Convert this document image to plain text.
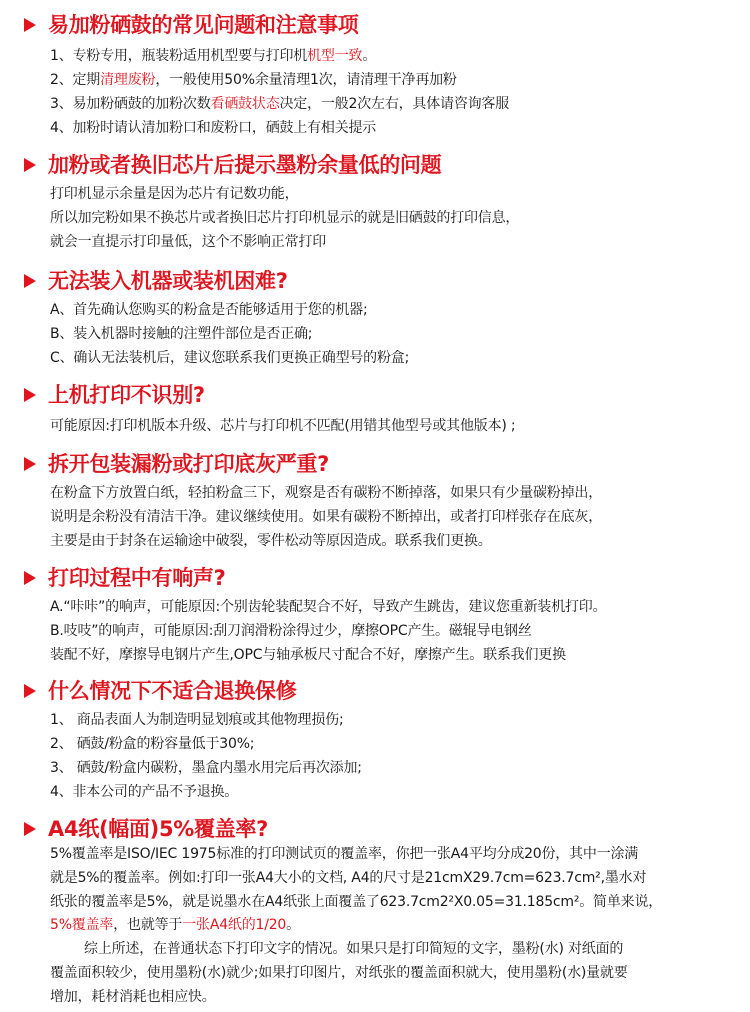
易加粉硒鼓的常见问题和注意事项
1、专粉专用，瓶装粉适用机型要与打印机机型一致。
2、定期清理废粉，一般使用50%余量清理1次，请清理干净再加粉
3、易加粉硒鼓的加粉次数看硒鼓状态决定，一般2次左右，具体请咨询客服
4、加粉时请认清加粉口和废粉口，硒鼓上有相关提示
加粉或者换旧芯片后提示墨粉余量低的问题
打印机显示余量是因为芯片有记数功能，
所以加完粉如果不换芯片或者换旧芯片打印机显示的就是旧硒鼓的打印信息，
就会一直提示打印量低，这个不影响正常打印
无法装入机器或装机困难?
A、首先确认您购买的粉盒是否能够适用于您的机器;
B、装入机器时接触的注塑件部位是否正确;
C、确认无法装机后，建议您联系我们更换正确型号的粉盒;
上机打印不识别?
可能原因:打印机版本升级、芯片与打印机不匹配(用错其他型号或其他版本) ;
拆开包装漏粉或打印底灰严重?
在粉盒下方放置白纸，轻拍粉盒三下，观察是否有碳粉不断掉落，如果只有少量碳粉掉出，
说明是余粉没有清洁干净。建议继续使用。如果有碳粉不断掉出，或者打印样张存在底灰，
主要是由于封条在运输途中破裂，零件松动等原因造成。联系我们更换。
打印过程中有响声?
A.“咔咔”的响声，可能原因:个别齿轮装配契合不好，导致产生跳齿，建议您重新装机打印。
B.吱吱”的响声，可能原因:刮刀润滑粉涂得过少，摩擦OPC产生。磁辊导电钢丝
装配不好，摩擦导电钢片产生,OPC与轴承板尺寸配合不好，摩擦产生。联系我们更换
什么情况下不适合退换保修
1、 商品表面人为制造明显划痕或其他物理损伤;
2、 硒鼓/粉盒的粉容量低于30%;
3、 硒鼓/粉盒内碳粉，墨盒内墨水用完后再次添加;
4、非本公司的产品不予退换。
A4纸(幅面)5%覆盖率?
5%覆盖率是ISO/IEC 1975标准的打印测试页的覆盖率，你把一张A4平均分成20份，其中一涂满
就是5%的覆盖率。例如:打印一张A4大小的文档, A4的尺寸是21cmX29.7cm=623.7cm²,墨水对
纸张的覆盖率是5%，就是说墨水在A4纸张上面覆盖了623.7cm2²X0.05=31.185cm²。简单来说，
5%覆盖率，也就等于一张A4纸的1/20。
综上所述，在普通状态下打印文字的情况。如果只是打印简短的文字，墨粉(水) 对纸面的
覆盖面积较少，使用墨粉(水)就少;如果打印图片，对纸张的覆盖面积就大，使用墨粉(水)量就要
增加，耗材消耗也相应快。
